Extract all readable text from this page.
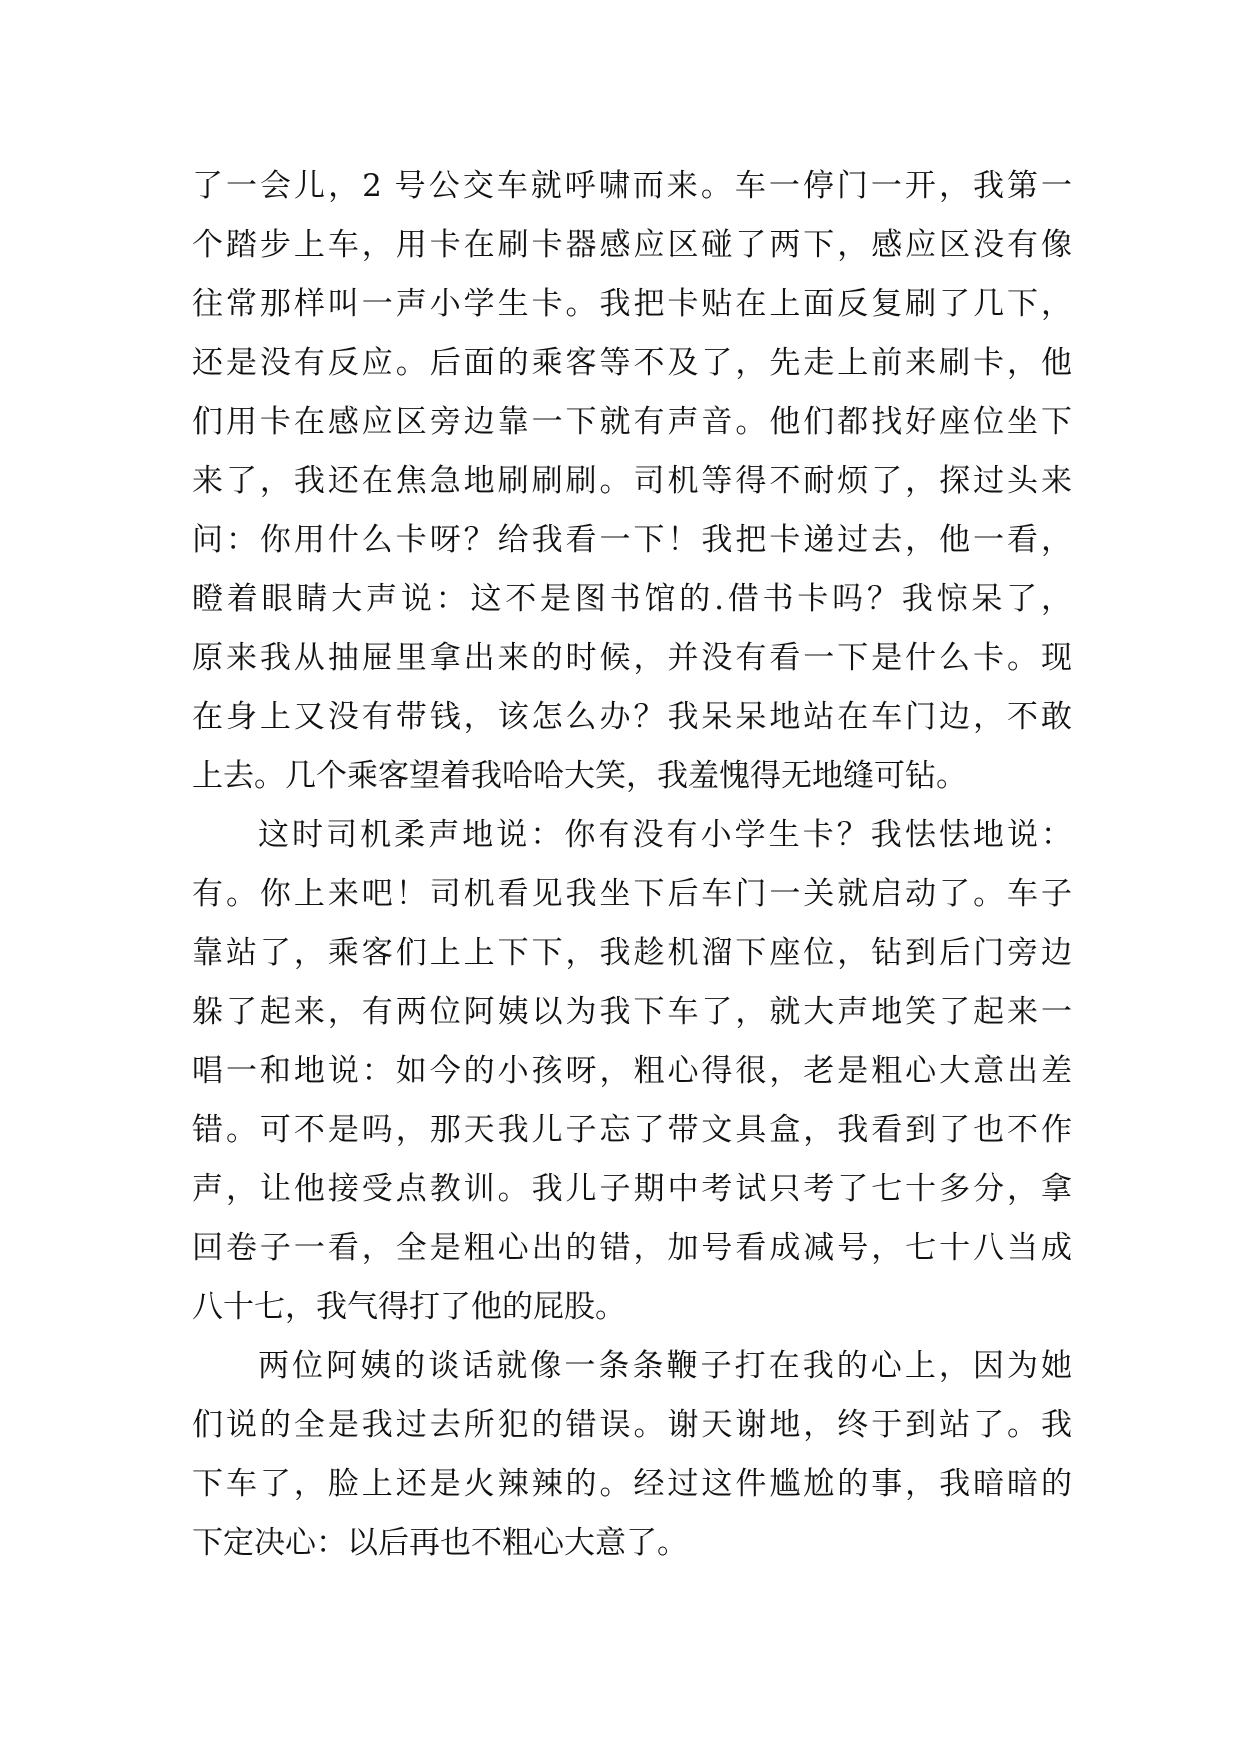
了一会儿，2 号公交车就呼啸而来。车一停门一开，我第一
个踏步上车，用卡在刷卡器感应区碰了两下，感应区没有像
往常那样叫一声小学生卡。我把卡贴在上面反复刷了几下，
还是没有反应。后面的乘客等不及了，先走上前来刷卡，他
们用卡在感应区旁边靠一下就有声音。他们都找好座位坐下
来了，我还在焦急地刷刷刷。司机等得不耐烦了，探过头来
问：你用什么卡呀？给我看一下！我把卡递过去，他一看，
瞪着眼睛大声说：这不是图书馆的.借书卡吗？我惊呆了，
原来我从抽屉里拿出来的时候，并没有看一下是什么卡。现
在身上又没有带钱，该怎么办？我呆呆地站在车门边，不敢
上去。几个乘客望着我哈哈大笑，我羞愧得无地缝可钻。
这时司机柔声地说：你有没有小学生卡？我怯怯地说：
有。你上来吧！司机看见我坐下后车门一关就启动了。车子
靠站了，乘客们上上下下，我趁机溜下座位，钻到后门旁边
躲了起来，有两位阿姨以为我下车了，就大声地笑了起来一
唱一和地说：如今的小孩呀，粗心得很，老是粗心大意出差
错。可不是吗，那天我儿子忘了带文具盒，我看到了也不作
声，让他接受点教训。我儿子期中考试只考了七十多分，拿
回卷子一看，全是粗心出的错，加号看成减号，七十八当成
八十七，我气得打了他的屁股。
两位阿姨的谈话就像一条条鞭子打在我的心上，因为她
们说的全是我过去所犯的错误。谢天谢地，终于到站了。我
下车了，脸上还是火辣辣的。经过这件尴尬的事，我暗暗的
下定决心：以后再也不粗心大意了。
